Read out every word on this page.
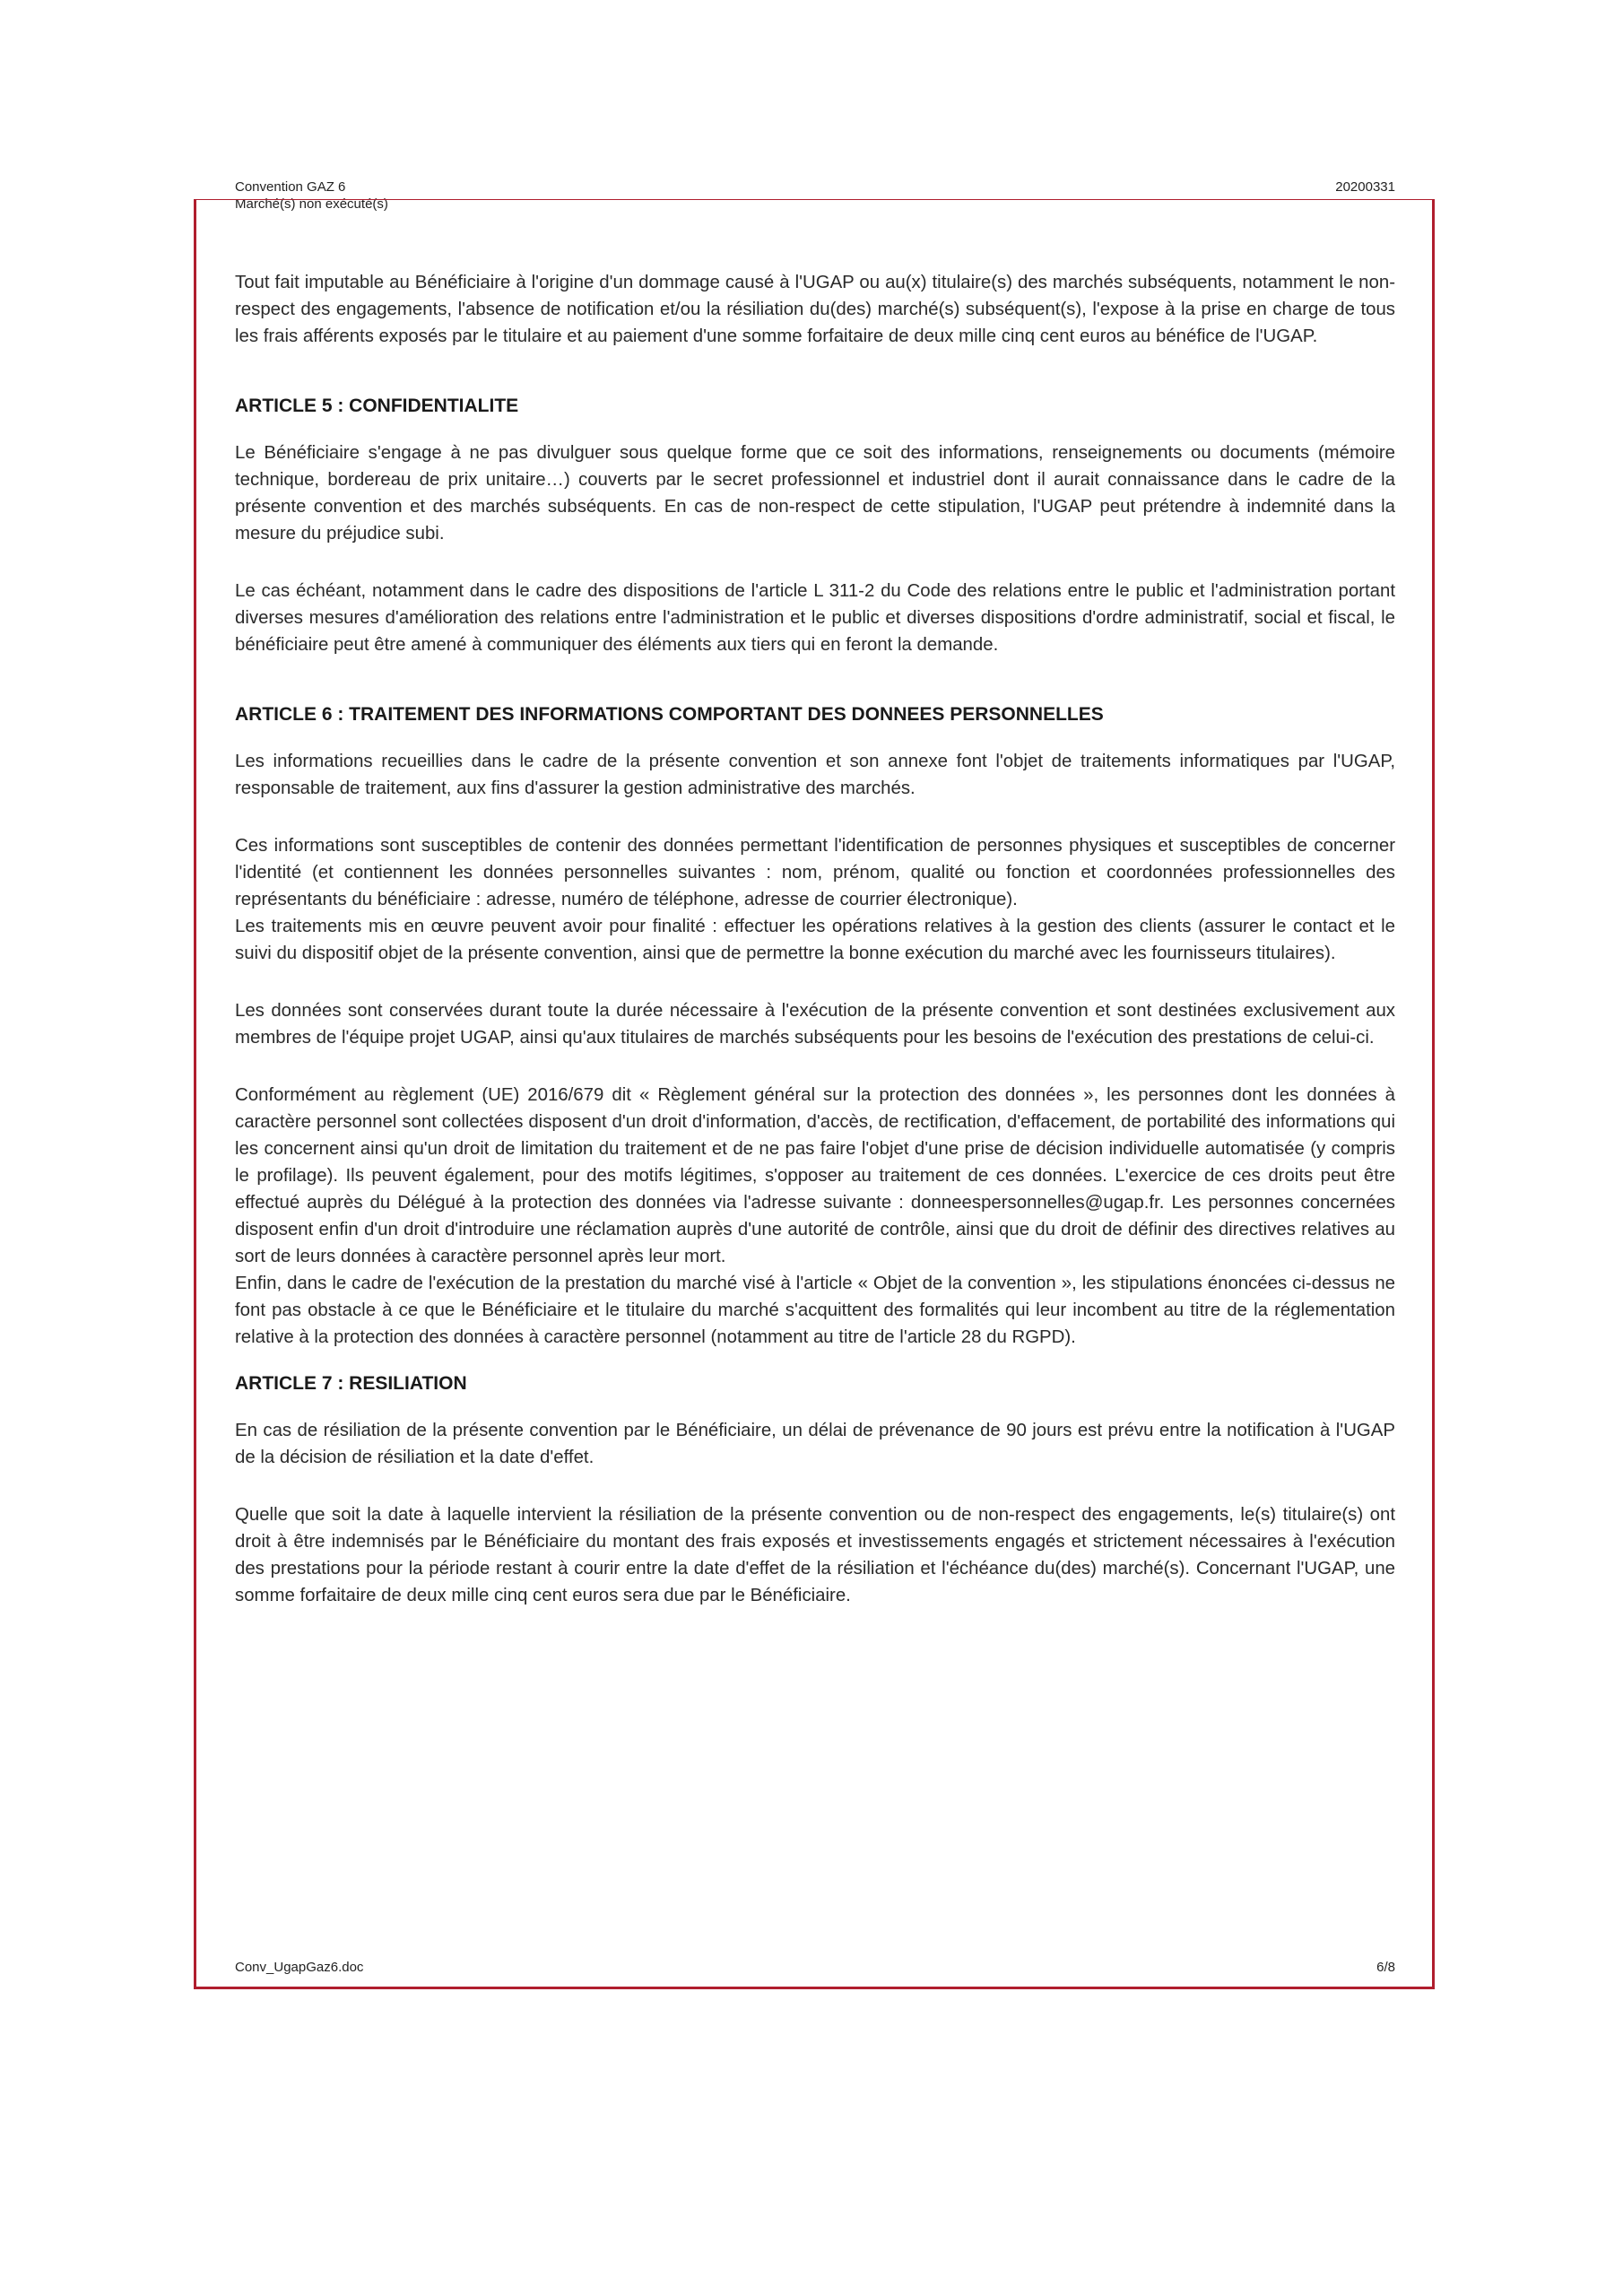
Convention GAZ 6	20200331
Marché(s) non exécuté(s)

Tout fait imputable au Bénéficiaire à l'origine d'un dommage causé à l'UGAP ou au(x) titulaire(s) des marchés subséquents, notamment le non-respect des engagements, l'absence de notification et/ou la résiliation du(des) marché(s) subséquent(s), l'expose à la prise en charge de tous les frais afférents exposés par le titulaire et au paiement d'une somme forfaitaire de deux mille cinq cent euros au bénéfice de l'UGAP.

ARTICLE 5 : CONFIDENTIALITE

Le Bénéficiaire s'engage à ne pas divulguer sous quelque forme que ce soit des informations, renseignements ou documents (mémoire technique, bordereau de prix unitaire…) couverts par le secret professionnel et industriel dont il aurait connaissance dans le cadre de la présente convention et des marchés subséquents. En cas de non-respect de cette stipulation, l'UGAP peut prétendre à indemnité dans la mesure du préjudice subi.

Le cas échéant, notamment dans le cadre des dispositions de l'article L 311-2 du Code des relations entre le public et l'administration portant diverses mesures d'amélioration des relations entre l'administration et le public et diverses dispositions d'ordre administratif, social et fiscal, le bénéficiaire peut être amené à communiquer des éléments aux tiers qui en feront la demande.

ARTICLE 6 : TRAITEMENT DES INFORMATIONS COMPORTANT DES DONNEES PERSONNELLES

Les informations recueillies dans le cadre de la présente convention et son annexe font l'objet de traitements informatiques par l'UGAP, responsable de traitement, aux fins d'assurer la gestion administrative des marchés.

Ces informations sont susceptibles de contenir des données permettant l'identification de personnes physiques et susceptibles de concerner l'identité (et contiennent les données personnelles suivantes : nom, prénom, qualité ou fonction et coordonnées professionnelles des représentants du bénéficiaire : adresse, numéro de téléphone, adresse de courrier électronique).

Les traitements mis en œuvre peuvent avoir pour finalité : effectuer les opérations relatives à la gestion des clients (assurer le contact et le suivi du dispositif objet de la présente convention, ainsi que de permettre la bonne exécution du marché avec les fournisseurs titulaires).

Les données sont conservées durant toute la durée nécessaire à l'exécution de la présente convention et sont destinées exclusivement aux membres de l'équipe projet UGAP, ainsi qu'aux titulaires de marchés subséquents pour les besoins de l'exécution des prestations de celui-ci.

Conformément au règlement (UE) 2016/679 dit « Règlement général sur la protection des données », les personnes dont les données à caractère personnel sont collectées disposent d'un droit d'information, d'accès, de rectification, d'effacement, de portabilité des informations qui les concernent ainsi qu'un droit de limitation du traitement et de ne pas faire l'objet d'une prise de décision individuelle automatisée (y compris le profilage). Ils peuvent également, pour des motifs légitimes, s'opposer au traitement de ces données. L'exercice de ces droits peut être effectué auprès du Délégué à la protection des données via l'adresse suivante : donneespersonnelles@ugap.fr. Les personnes concernées disposent enfin d'un droit d'introduire une réclamation auprès d'une autorité de contrôle, ainsi que du droit de définir des directives relatives au sort de leurs données à caractère personnel après leur mort.

Enfin, dans le cadre de l'exécution de la prestation du marché visé à l'article « Objet de la convention », les stipulations énoncées ci-dessus ne font pas obstacle à ce que le Bénéficiaire et le titulaire du marché s'acquittent des formalités qui leur incombent au titre de la réglementation relative à la protection des données à caractère personnel (notamment au titre de l'article 28 du RGPD).

ARTICLE 7 : RESILIATION

En cas de résiliation de la présente convention par le Bénéficiaire, un délai de prévenance de 90 jours est prévu entre la notification à l'UGAP de la décision de résiliation et la date d'effet.

Quelle que soit la date à laquelle intervient la résiliation de la présente convention ou de non-respect des engagements, le(s) titulaire(s) ont droit à être indemnisés par le Bénéficiaire du montant des frais exposés et investissements engagés et strictement nécessaires à l'exécution des prestations pour la période restant à courir entre la date d'effet de la résiliation et l'échéance du(des) marché(s). Concernant l'UGAP, une somme forfaitaire de deux mille cinq cent euros sera due par le Bénéficiaire.

Conv_UgapGaz6.doc	6/8
